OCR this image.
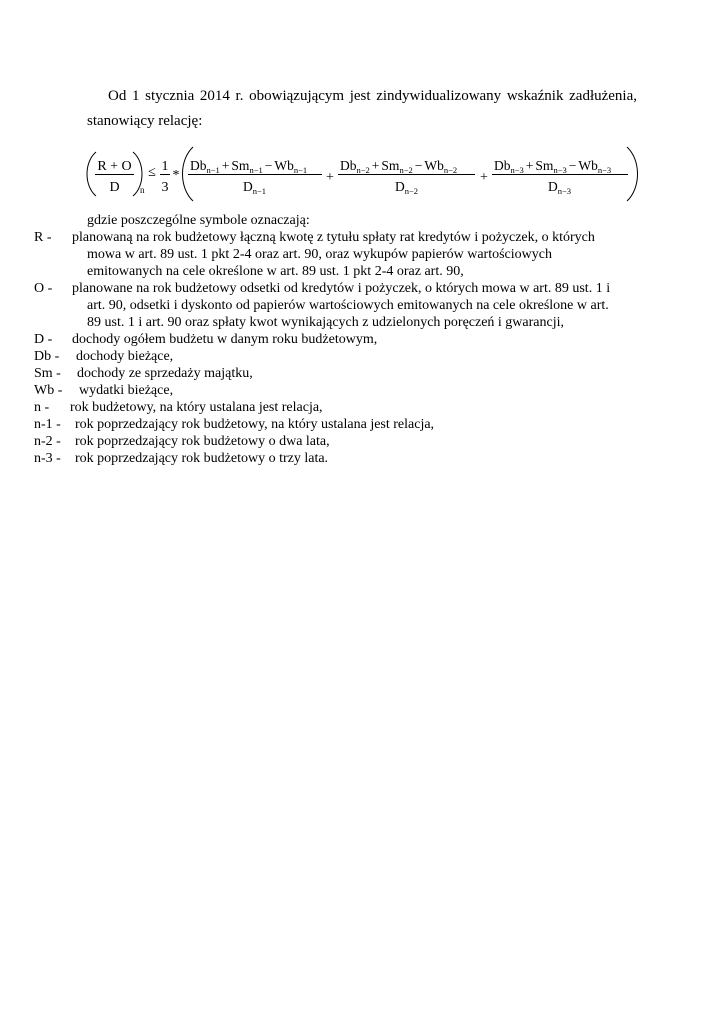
Od 1 stycznia 2014 r. obowiązującym jest zindywidualizowany wskaźnik zadłużenia,
stanowiący relację:
R + O
D n
≤ 1
3
*
$Db_{n-1} + Sm_{n-1} - Wb_{n-1}$
$D_{n-1}$
+
$Db_{n-2} + Sm_{n-2} - Wb_{n-2}$
$D_{n-2}$
+
$Db_{n-3} + Sm_{n-3} - Wb_{n-3}$
$D_{n-3}$
gdzie poszczególne symbole oznaczają:
R - planowaną na rok budżetowy łączną kwotę z tytułu spłaty rat kredytów i pożyczek, o których
mowa w art. 89 ust. 1 pkt 2-4 oraz art. 90, oraz wykupów papierów wartościowych
emitowanych na cele określone w art. 89 ust. 1 pkt 2-4 oraz art. 90,
O - planowane na rok budżetowy odsetki od kredytów i pożyczek, o których mowa w art. 89 ust. 1 i
art. 90, odsetki i dyskonto od papierów wartościowych emitowanych na cele określone w art.
89 ust. 1 i art. 90 oraz spłaty kwot wynikających z udzielonych poręczeń i gwarancji,
D - dochody ogółem budżetu w danym roku budżetowym,
Db - dochody bieżące,
Sm - dochody ze sprzedaży majątku,
Wb - wydatki bieżące,
n - rok budżetowy, na który ustalana jest relacja,
n-1 - rok poprzedzający rok budżetowy, na który ustalana jest relacja,
n-2 - rok poprzedzający rok budżetowy o dwa lata,
n-3 - rok poprzedzający rok budżetowy o trzy lata.
